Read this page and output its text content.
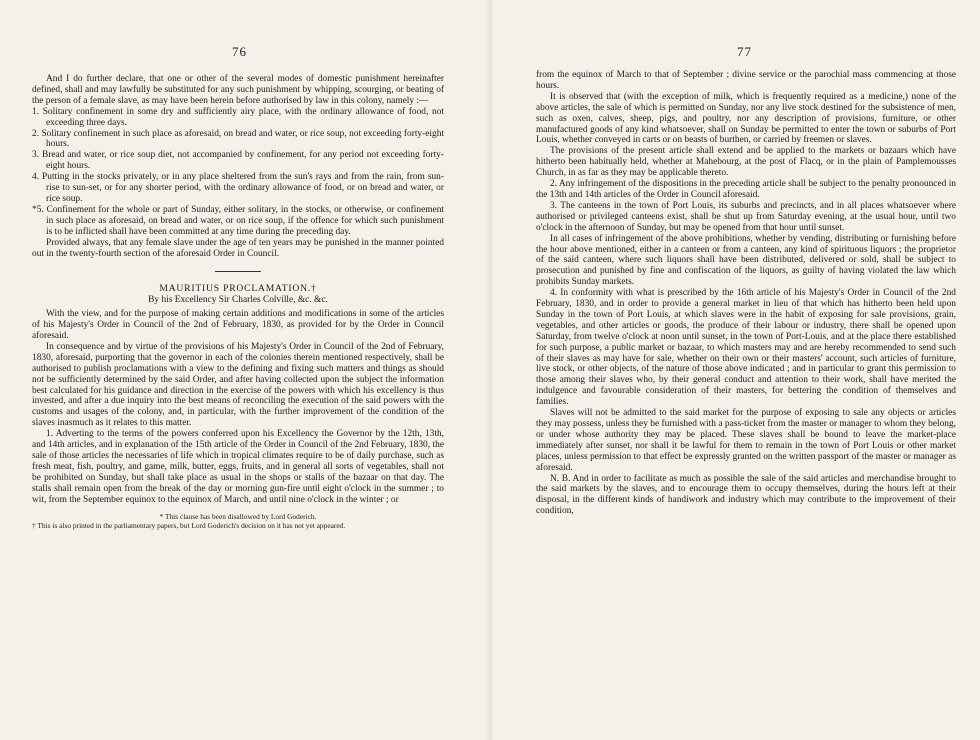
76

And I do further declare, that one or other of the several modes of domestic punishment hereinafter defined, shall and may lawfully be substituted for any such punishment by whipping, scourging, or beating of the person of a female slave, as may have been herein before authorised by law in this colony, namely :—

1. Solitary confinement in some dry and sufficiently airy place, with the ordinary allowance of food, not exceeding three days.

2. Solitary confinement in such place as aforesaid, on bread and water, or rice soup, not exceeding forty-eight hours.

3. Bread and water, or rice soup diet, not accompanied by confinement, for any period not exceeding forty-eight hours.

4. Putting in the stocks privately, or in any place sheltered from the sun's rays and from the rain, from sun-rise to sun-set, or for any shorter period, with the ordinary allowance of food, or on bread and water, or rice soup.

*5. Confinement for the whole or part of Sunday, either solitary, in the stocks, or otherwise, or confinement in such place as aforesaid, on bread and water, or on rice soup, if the offence for which such punishment is to be inflicted shall have been committed at any time during the preceding day.

Provided always, that any female slave under the age of ten years may be punished in the manner pointed out in the twenty-fourth section of the aforesaid Order in Council.

MAURITIUS PROCLAMATION.†

By his Excellency Sir Charles Colville, &c. &c.

With the view, and for the purpose of making certain additions and modifications in some of the articles of his Majesty's Order in Council of the 2nd of February, 1830, as provided for by the Order in Council aforesaid.

In consequence and by virtue of the provisions of his Majesty's Order in Council of the 2nd of February, 1830, aforesaid, purporting that the governor in each of the colonies therein mentioned respectively, shall be authorised to publish proclamations with a view to the defining and fixing such matters and things as should not be sufficiently determined by the said Order, and after having collected upon the subject the information best calculated for his guidance and direction in the exercise of the powers with which his excellency is thus invested, and after a due inquiry into the best means of reconciling the execution of the said powers with the customs and usages of the colony, and, in particular, with the further improvement of the condition of the slaves inasmuch as it relates to this matter.

1. Adverting to the terms of the powers conferred upon his Excellency the Governor by the 12th, 13th, and 14th articles, and in explanation of the 15th article of the Order in Council of the 2nd February, 1830, the sale of those articles the necessaries of life which in tropical climates require to be of daily purchase, such as fresh meat, fish, poultry, and game, milk, butter, eggs, fruits, and in general all sorts of vegetables, shall not be prohibited on Sunday, but shall take place as usual in the shops or stalls of the bazaar on that day. The stalls shall remain open from the break of the day or morning gun-fire until eight o'clock in the summer ; to wit, from the September equinox to the equinox of March, and until nine o'clock in the winter ; or

* This clause has been disallowed by Lord Goderich.

† This is also printed in the parliamentary papers, but Lord Goderich's decision on it has not yet appeared.

77

from the equinox of March to that of September ; divine service or the parochial mass commencing at those hours.

It is observed that (with the exception of milk, which is frequently required as a medicine,) none of the above articles, the sale of which is permitted on Sunday, nor any live stock destined for the subsistence of men, such as oxen, calves, sheep, pigs, and poultry, nor any description of provisions, furniture, or other manufactured goods of any kind whatsoever, shall on Sunday be permitted to enter the town or suburbs of Port Louis, whether conveyed in carts or on beasts of burthen, or carried by freemen or slaves.

The provisions of the present article shall extend and be applied to the markets or bazaars which have hitherto been habitually held, whether at Mahebourg, at the post of Flacq, or in the plain of Pamplemousses Church, in as far as they may be applicable thereto.

2. Any infringement of the dispositions in the preceding article shall be subject to the penalty pronounced in the 13th and 14th articles of the Order in Council aforesaid.

3. The canteens in the town of Port Louis, its suburbs and precincts, and in all places whatsoever where authorised or privileged canteens exist, shall be shut up from Saturday evening, at the usual hour, until two o'clock in the afternoon of Sunday, but may be opened from that hour until sunset.

In all cases of infringement of the above prohibitions, whether by vending, distributing or furnishing before the hour above mentioned, either in a canteen or from a canteen, any kind of spirituous liquors ; the proprietor of the said canteen, where such liquors shall have been distributed, delivered or sold, shall be subject to prosecution and punished by fine and confiscation of the liquors, as guilty of having violated the law which prohibits Sunday markets.

4. In conformity with what is prescribed by the 16th article of his Majesty's Order in Council of the 2nd February, 1830, and in order to provide a general market in lieu of that which has hitherto been held upon Sunday in the town of Port Louis, at which slaves were in the habit of exposing for sale provisions, grain, vegetables, and other articles or goods, the produce of their labour or industry, there shall be opened upon Saturday, from twelve o'clock at noon until sunset, in the town of Port-Louis, and at the place there established for such purpose, a public market or bazaar, to which masters may and are hereby recommended to send such of their slaves as may have for sale, whether on their own or their masters' account, such articles of furniture, live stock, or other objects, of the nature of those above indicated ; and in particular to grant this permission to those among their slaves who, by their general conduct and attention to their work, shall have merited the indulgence and favourable consideration of their masters, for bettering the condition of themselves and families.

Slaves will not be admitted to the said market for the purpose of exposing to sale any objects or articles they may possess, unless they be furnished with a pass-ticket from the master or manager to whom they belong, or under whose authority they may be placed. These slaves shall be bound to leave the market-place immediately after sunset, nor shall it be lawful for them to remain in the town of Port Louis or other market places, unless permission to that effect be expressly granted on the written passport of the master or manager as aforesaid.

N. B. And in order to facilitate as much as possible the sale of the said articles and merchandise brought to the said markets by the slaves, and to encourage them to occupy themselves, during the hours left at their disposal, in the different kinds of handiwork and industry which may contribute to the improvement of their condition,
